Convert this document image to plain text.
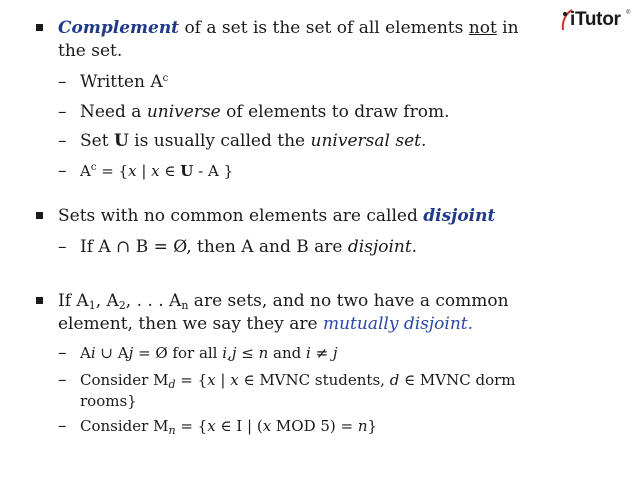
iTutor ®
Complement of a set is the set of all elements not in
the set.
– Written $A^c$
– Need a universe of elements to draw from.
– Set U is usually called the universal set.
– $A^c = \{x$ | x ∈ U - A }
Sets with no common elements are called disjoint
– If A ∩ B = Ø, then A and B are disjoint.
If $A_1$, $A_2$, . . . $A_n$ are sets, and no two have a common
element, then we say they are mutually disjoint.
– Ai ∪ Aj = Ø for all i,j ≤ n and i ≠ j
– Consider $M_d = \{x$ | x ∈ MVNC students, d ∈ MVNC dorm
rooms}
– Consider $M_n = \{x$ ∈ I | (x MOD 5) = n}
